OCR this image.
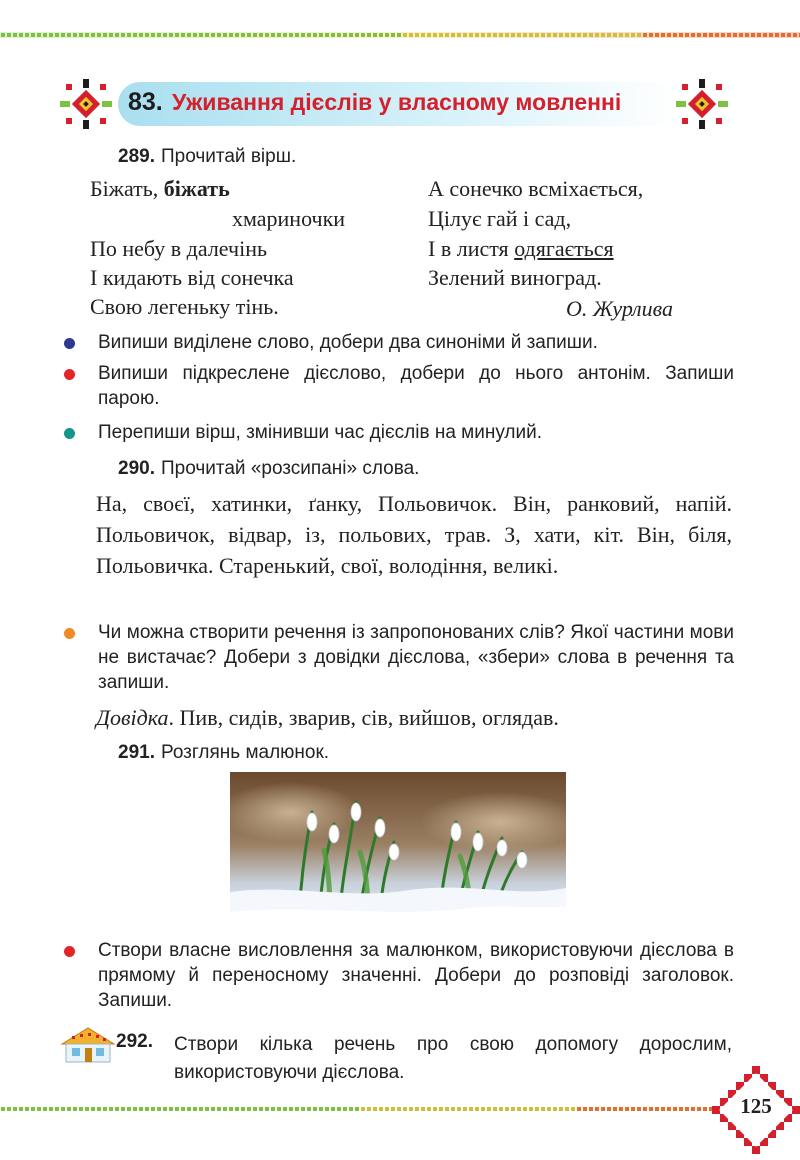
83. Уживання дієслів у власному мовленні
289. Прочитай вірш.
Біжать, біжать
хмариночки
По небу в далечінь
І кидають від сонечка
Свою легеньку тінь.
А сонечко всміхається,
Цілує гай і сад,
І в листя одягається
Зелений виноград.
О. Журлива
Випиши виділене слово, добери два синоніми й запиши.
Випиши підкреслене дієслово, добери до нього антонім. Запиши парою.
Перепиши вірш, змінивши час дієслів на минулий.
290. Прочитай «розсипані» слова.
На, своєї, хатинки, ґанку, Польовичок. Він, ранковий, напій. Польовичок, відвар, із, польових, трав. З, хати, кіт. Він, біля, Польовичка. Старенький, свої, володіння, великі.
Чи можна створити речення із запропонованих слів? Якої частини мови не вистачає? Добери з довідки дієслова, «збери» слова в речення та запиши.
Довідка. Пив, сидів, зварив, сів, вийшов, оглядав.
291. Розглянь малюнок.
Створи власне висловлення за малюнком, використовуючи дієслова в прямому й переносному значенні. Добери до розповіді заголовок. Запиши.
292.	Створи кілька речень про свою допомогу дорослим, використовуючи дієслова.
125
